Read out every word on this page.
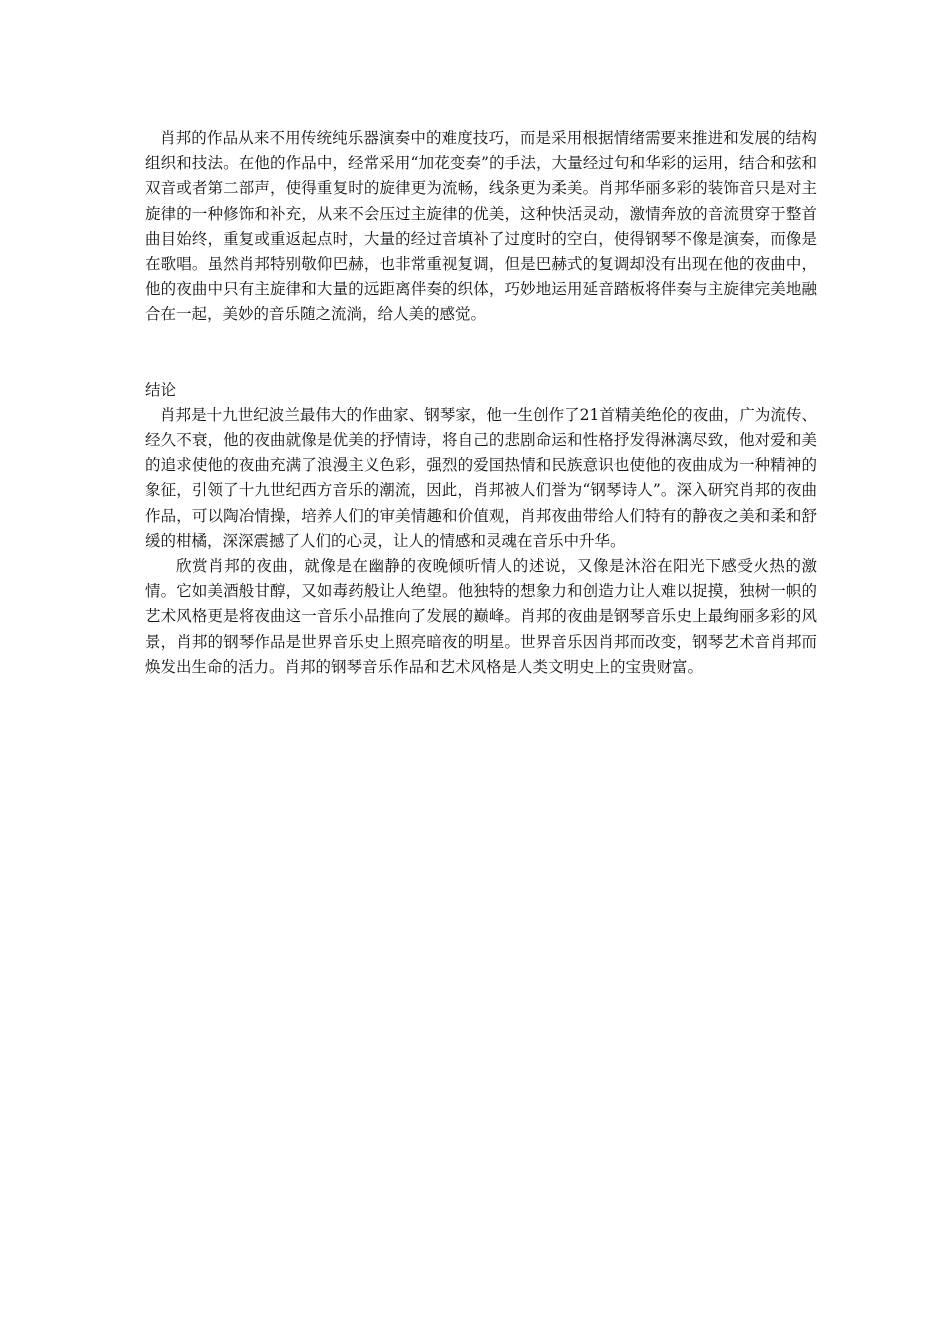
肖邦的作品从来不用传统纯乐器演奏中的难度技巧，而是采用根据情绪需要来推进和发展的结构组织和技法。在他的作品中，经常采用“加花变奏”的手法，大量经过句和华彩的运用，结合和弦和双音或者第二部声，使得重复时的旋律更为流畅，线条更为柔美。肖邦华丽多彩的装饰音只是对主旋律的一种修饰和补充，从来不会压过主旋律的优美，这种快活灵动，激情奔放的音流贯穿于整首曲目始终，重复或重返起点时，大量的经过音填补了过度时的空白，使得钢琴不像是演奏，而像是在歌唱。虽然肖邦特别敬仰巴赫，也非常重视复调，但是巴赫式的复调却没有出现在他的夜曲中，他的夜曲中只有主旋律和大量的远距离伴奏的织体，巧妙地运用延音踏板将伴奏与主旋律完美地融合在一起，美妙的音乐随之流淌，给人美的感觉。

结论

肖邦是十九世纪波兰最伟大的作曲家、钢琴家，他一生创作了21首精美绝伦的夜曲，广为流传、经久不衰，他的夜曲就像是优美的抒情诗，将自己的悲剧命运和性格抒发得淋漓尽致，他对爱和美的追求使他的夜曲充满了浪漫主义色彩，强烈的爱国热情和民族意识也使他的夜曲成为一种精神的象征，引领了十九世纪西方音乐的潮流，因此，肖邦被人们誉为“钢琴诗人”。深入研究肖邦的夜曲作品，可以陶冶情操，培养人们的审美情趣和价值观，肖邦夜曲带给人们特有的静夜之美和柔和舒缓的柑橘，深深震撼了人们的心灵，让人的情感和灵魂在音乐中升华。

欣赏肖邦的夜曲，就像是在幽静的夜晚倾听情人的述说，又像是沐浴在阳光下感受火热的激情。它如美酒般甘醇，又如毒药般让人绝望。他独特的想象力和创造力让人难以捉摸，独树一帜的艺术风格更是将夜曲这一音乐小品推向了发展的巅峰。肖邦的夜曲是钢琴音乐史上最绚丽多彩的风景，肖邦的钢琴作品是世界音乐史上照亮暗夜的明星。世界音乐因肖邦而改变，钢琴艺术音肖邦而焕发出生命的活力。肖邦的钢琴音乐作品和艺术风格是人类文明史上的宝贵财富。
